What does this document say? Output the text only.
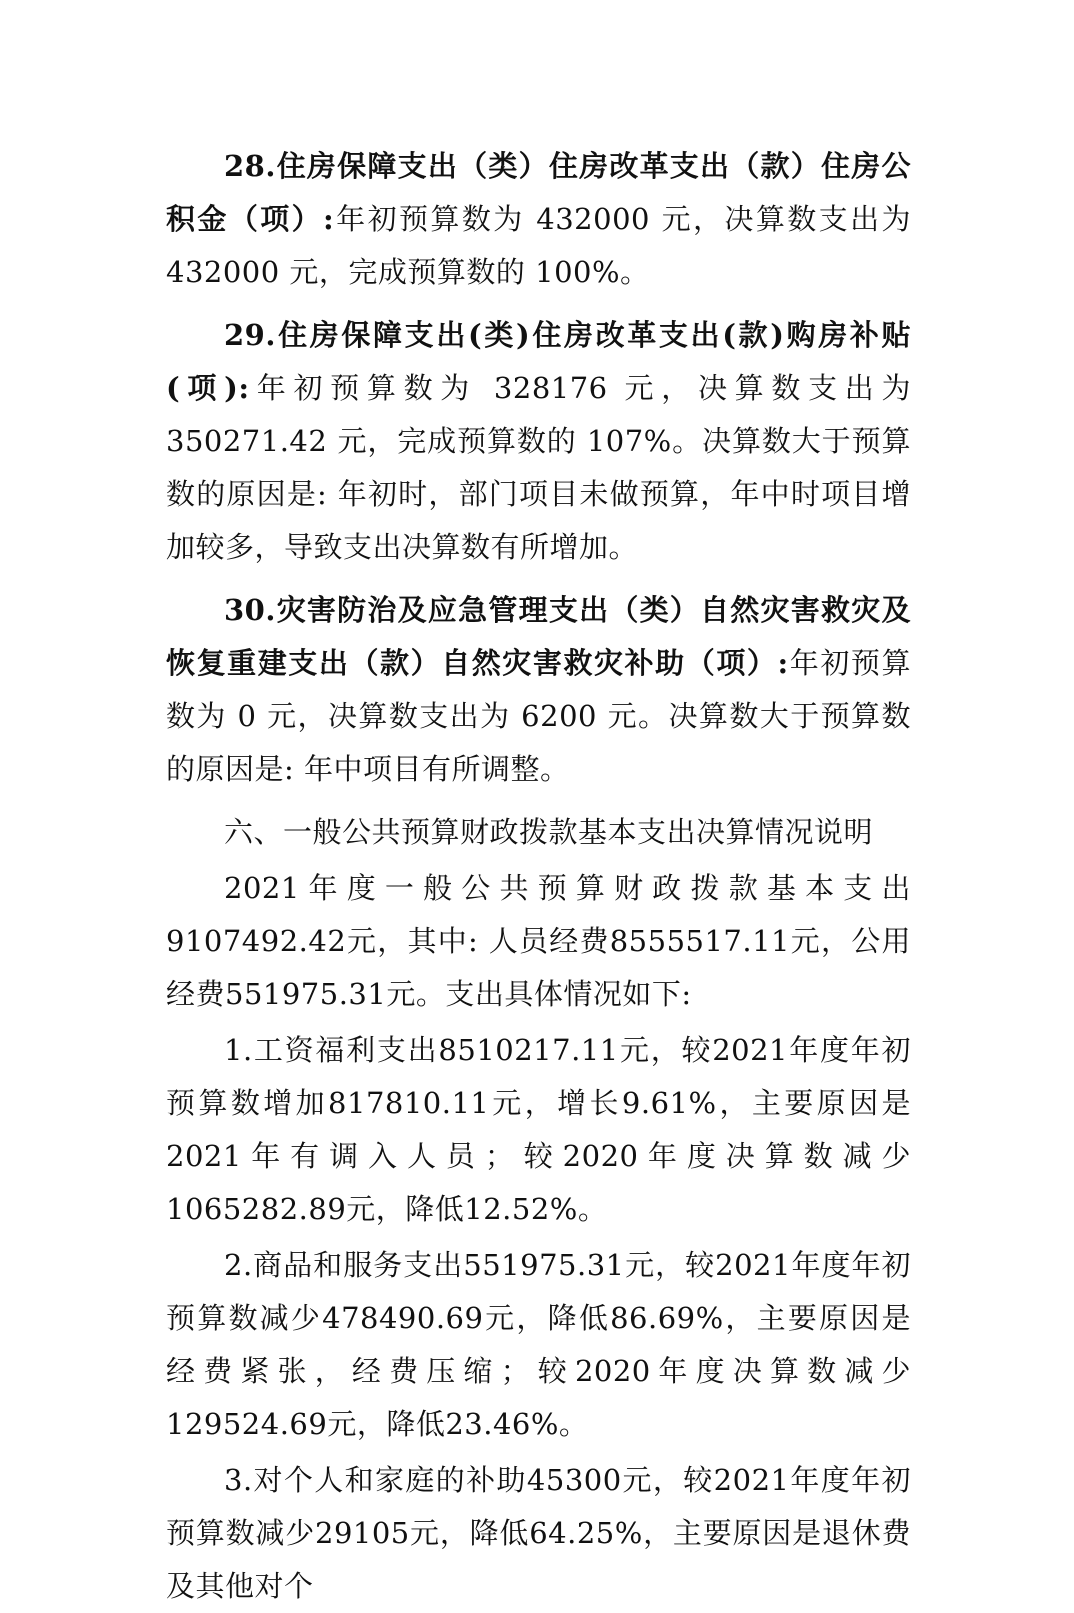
28.住房保障支出（类）住房改革支出（款）住房公积金（项）:年初预算数为 432000 元，决算数支出为 432000 元，完成预算数的 100%。

29.住房保障支出(类)住房改革支出(款)购房补贴(项):年初预算数为 328176 元，决算数支出为 350271.42 元，完成预算数的 107%。决算数大于预算数的原因是: 年初时，部门项目未做预算，年中时项目增加较多，导致支出决算数有所增加。

30.灾害防治及应急管理支出（类）自然灾害救灾及恢复重建支出（款）自然灾害救灾补助（项）:年初预算数为 0 元，决算数支出为 6200 元。决算数大于预算数的原因是: 年中项目有所调整。

六、一般公共预算财政拨款基本支出决算情况说明

2021年度一般公共预算财政拨款基本支出9107492.42元，其中: 人员经费8555517.11元，公用经费551975.31元。支出具体情况如下:

1.工资福利支出8510217.11元，较2021年度年初预算数增加817810.11元，增长9.61%，主要原因是2021年有调入人员；较2020年度决算数减少1065282.89元，降低12.52%。

2.商品和服务支出551975.31元，较2021年度年初预算数减少478490.69元，降低86.69%，主要原因是经费紧张，经费压缩；较2020年度决算数减少129524.69元，降低23.46%。

3.对个人和家庭的补助45300元，较2021年度年初预算数减少29105元，降低64.25%，主要原因是退休费及其他对个
